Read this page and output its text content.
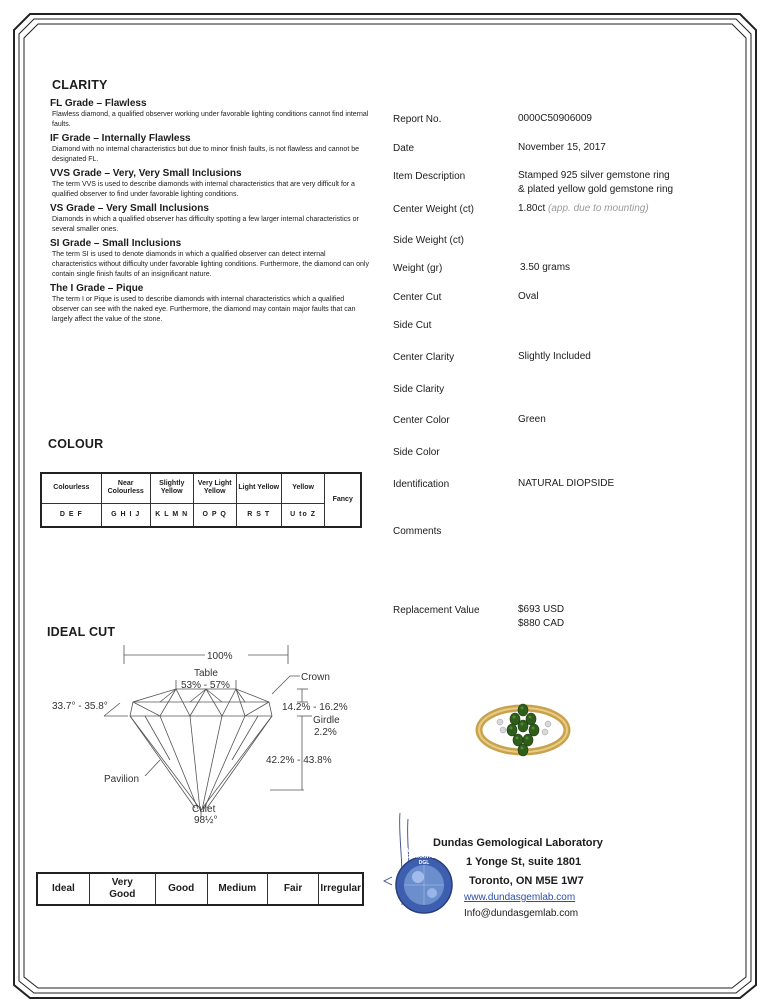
CLARITY
FL Grade – Flawless
Flawless diamond, a qualified observer working under favorable lighting conditions cannot find internal faults.
IF Grade – Internally Flawless
Diamond with no internal characteristics but due to minor finish faults, is not flawless and cannot be designated FL.
VVS Grade – Very, Very Small Inclusions
The term VVS is used to describe diamonds with internal characteristics that are very difficult for a qualified observer to find under favorable lighting conditions.
VS Grade – Very Small Inclusions
Diamonds in which a qualified observer has difficulty spotting a few larger internal characteristics or several smaller ones.
SI Grade – Small Inclusions
The term SI is used to denote diamonds in which a qualified observer can detect internal characteristics without difficulty under favorable lighting conditions. Furthermore, the diamond can only contain single finish faults of an insignificant nature.
The I Grade – Pique
The term I or Pique is used to describe diamonds with internal characteristics which a qualified observer can see with the naked eye. Furthermore, the diamond may contain major faults that can largely affect the value of the stone.
COLOUR
Colourless	Near Colourless	Slightly Yellow	Very Light Yellow	Light Yellow	Yellow	Fancy
D E F	G H I J	K L M N	O P Q	R S T	U to Z	
IDEAL CUT
100%
Table
53% - 57%
Crown
33.7° - 35.8°	14.2% - 16.2%
Girdle
2.2%
42.2% - 43.8%
Pavilion
Culet
98½°
Ideal	Very Good	Good	Medium	Fair	Irregular
Report No.	0000C50906009
Date	November 15, 2017
Item Description	Stamped 925 silver gemstone ring
& plated yellow gold gemstone ring
Center Weight (ct)	1.80ct (app. due to mounting)
Side Weight (ct)
Weight (gr)	3.50 grams
Center Cut	Oval
Side Cut
Center Clarity	Slightly Included
Side Clarity
Center Color	Green
Side Color
Identification	NATURAL DIOPSIDE
Comments
Replacement Value	$693 USD
$880 CAD
AUTHENTICITY GUARANTEED DGL
Dundas Gemological Laboratory
1 Yonge St, suite 1801
Toronto, ON M5E 1W7
www.dundasgemlab.com
Info@dundasgemlab.com
